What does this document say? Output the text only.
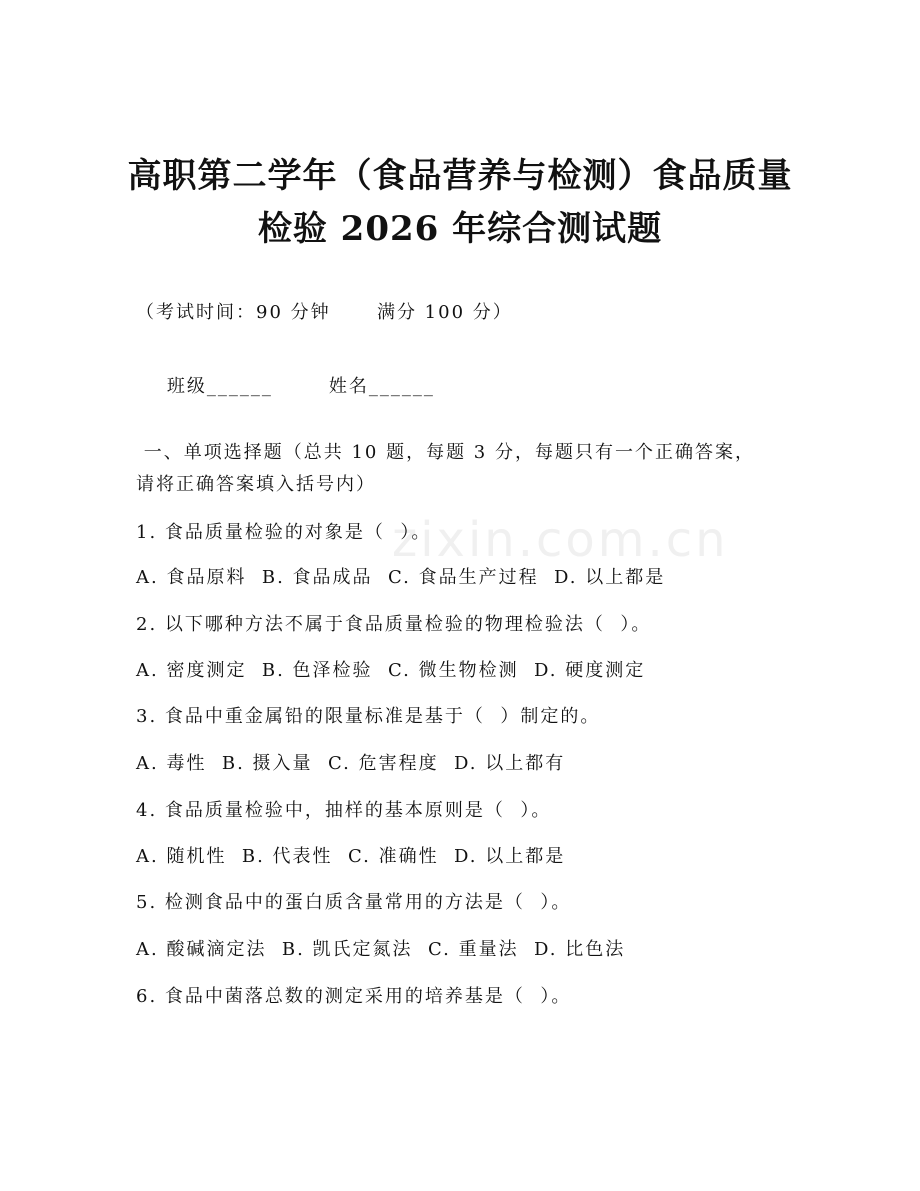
zixin.com.cn
高职第二学年（食品营养与检测）食品质量
检验 2026 年综合测试题
（考试时间：90 分钟      满分 100 分）

班级______	姓名______

一、单项选择题（总共 10 题，每题 3 分，每题只有一个正确答案，
请将正确答案填入括号内）
1. 食品质量检验的对象是（  ）。
A. 食品原料  B. 食品成品  C. 食品生产过程  D. 以上都是
2. 以下哪种方法不属于食品质量检验的物理检验法（  ）。
A. 密度测定  B. 色泽检验  C. 微生物检测  D. 硬度测定
3. 食品中重金属铅的限量标准是基于（  ）制定的。
A. 毒性  B. 摄入量  C. 危害程度  D. 以上都有
4. 食品质量检验中，抽样的基本原则是（  ）。
A. 随机性  B. 代表性  C. 准确性  D. 以上都是
5. 检测食品中的蛋白质含量常用的方法是（  ）。
A. 酸碱滴定法  B. 凯氏定氮法  C. 重量法  D. 比色法
6. 食品中菌落总数的测定采用的培养基是（  ）。
